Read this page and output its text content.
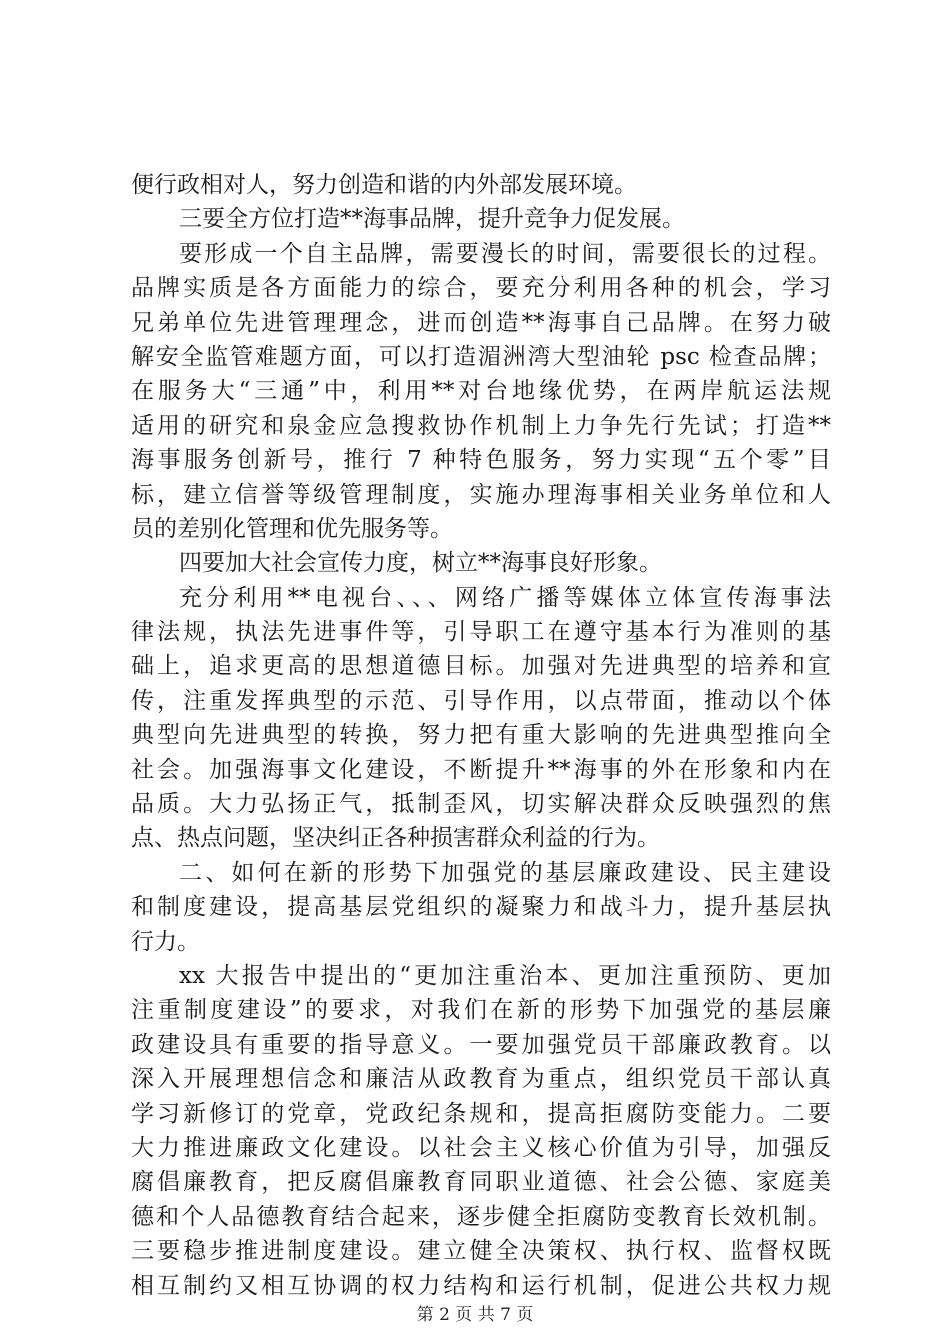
便行政相对人，努力创造和谐的内外部发展环境。
三要全方位打造**海事品牌，提升竞争力促发展。
要形成一个自主品牌，需要漫长的时间，需要很长的过程。
品牌实质是各方面能力的综合，要充分利用各种的机会，学习
兄弟单位先进管理理念，进而创造**海事自己品牌。在努力破
解安全监管难题方面，可以打造湄洲湾大型油轮 psc 检查品牌；
在服务大“三通”中，利用**对台地缘优势，在两岸航运法规
适用的研究和泉金应急搜救协作机制上力争先行先试；打造**
海事服务创新号，推行 7 种特色服务，努力实现“五个零”目
标，建立信誉等级管理制度，实施办理海事相关业务单位和人
员的差别化管理和优先服务等。
四要加大社会宣传力度，树立**海事良好形象。
充分利用**电视台、、、网络广播等媒体立体宣传海事法
律法规，执法先进事件等，引导职工在遵守基本行为准则的基
础上，追求更高的思想道德目标。加强对先进典型的培养和宣
传，注重发挥典型的示范、引导作用，以点带面，推动以个体
典型向先进典型的转换，努力把有重大影响的先进典型推向全
社会。加强海事文化建设，不断提升**海事的外在形象和内在
品质。大力弘扬正气，抵制歪风，切实解决群众反映强烈的焦
点、热点问题，坚决纠正各种损害群众利益的行为。
二、如何在新的形势下加强党的基层廉政建设、民主建设
和制度建设，提高基层党组织的凝聚力和战斗力，提升基层执
行力。
xx 大报告中提出的“更加注重治本、更加注重预防、更加
注重制度建设”的要求，对我们在新的形势下加强党的基层廉
政建设具有重要的指导意义。一要加强党员干部廉政教育。以
深入开展理想信念和廉洁从政教育为重点，组织党员干部认真
学习新修订的党章，党政纪条规和，提高拒腐防变能力。二要
大力推进廉政文化建设。以社会主义核心价值为引导，加强反
腐倡廉教育，把反腐倡廉教育同职业道德、社会公德、家庭美
德和个人品德教育结合起来，逐步健全拒腐防变教育长效机制。
三要稳步推进制度建设。建立健全决策权、执行权、监督权既
相互制约又相互协调的权力结构和运行机制，促进公共权力规
第 2 页 共 7 页
